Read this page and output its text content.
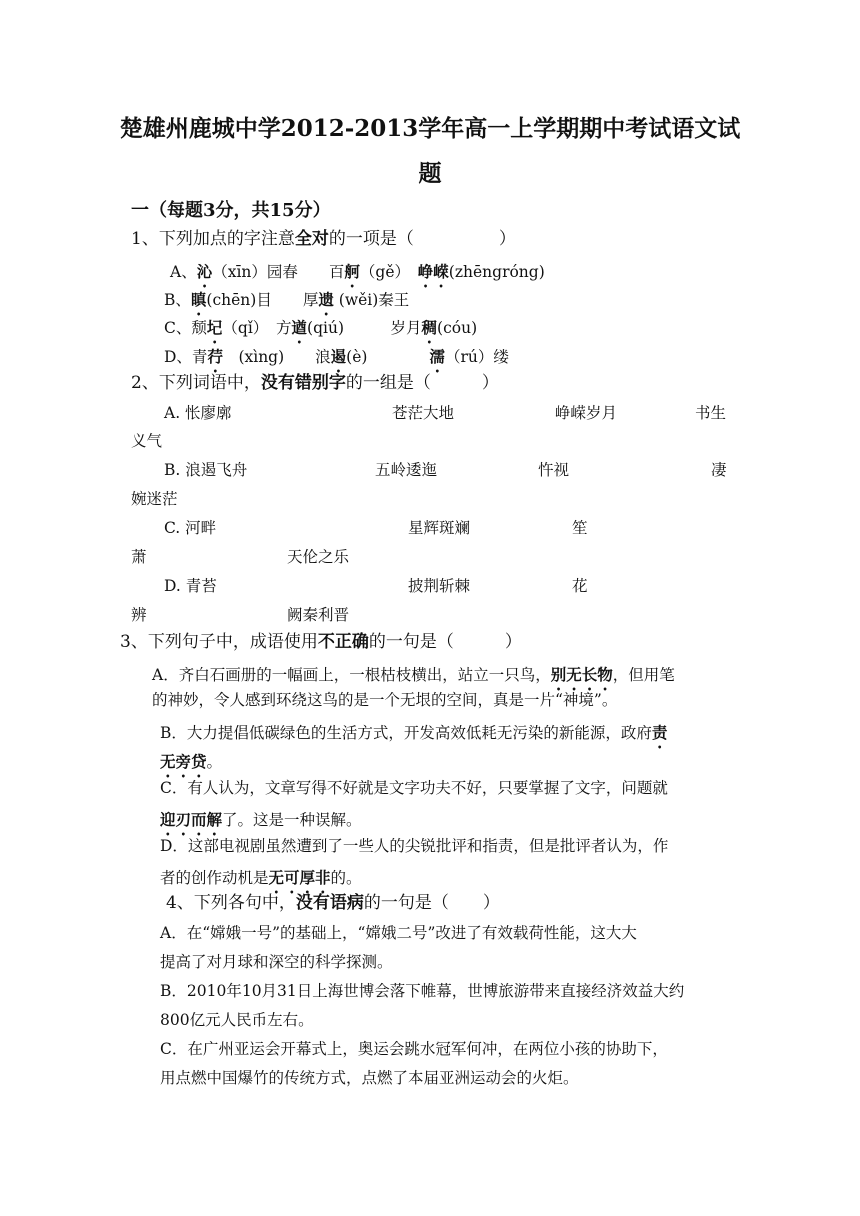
楚雄州鹿城中学2012-2013学年高一上学期期中考试语文试
题
一（每题3分，共15分）
1、下列加点的字注意全对的一项是（　　　　　）
A、沁（xīn）园春　　百舸（gě）　峥嵘(zhēngróng)
B、瞋(chēn)目　　厚遗 (wěi)秦王
C、颓圮（qǐ）　方遒(qiú)　　　岁月稠(cóu)
D、青荇　(xìng)　　浪遏(è)　　　　濡（rú）缕
2、下列词语中，没有错别字的一组是（　　　）
A. 怅廖廓	苍茫大地	峥嵘岁月	书生
义气
B. 浪遏飞舟	五岭逶迤	忤视	凄
婉迷茫
C. 河畔	星辉斑斓	笙
萧	天伦之乐
D. 青苔	披荆斩棘	花
辨	阙秦利晋
3、下列句子中，成语使用不正确的一句是（　　　）
A．齐白石画册的一幅画上，一根枯枝横出，站立一只鸟，别无长物，但用笔
的神妙，令人感到环绕这鸟的是一个无垠的空间，真是一片“神境”。
B．大力提倡低碳绿色的生活方式，开发高效低耗无污染的新能源，政府责
无旁贷。
C．有人认为，文章写得不好就是文字功夫不好，只要掌握了文字，问题就
迎刃而解了。这是一种误解。
D．这部电视剧虽然遭到了一些人的尖锐批评和指责，但是批评者认为，作
者的创作动机是无可厚非的。
4、下列各句中，没有语病的一句是（　　）
A．在“嫦娥一号”的基础上，“嫦娥二号”改进了有效载荷性能，这大大
提高了对月球和深空的科学探测。
B．2010年10月31日上海世博会落下帷幕，世博旅游带来直接经济效益大约
800亿元人民币左右。
C．在广州亚运会开幕式上，奥运会跳水冠军何冲，在两位小孩的协助下，
用点燃中国爆竹的传统方式，点燃了本届亚洲运动会的火炬。
